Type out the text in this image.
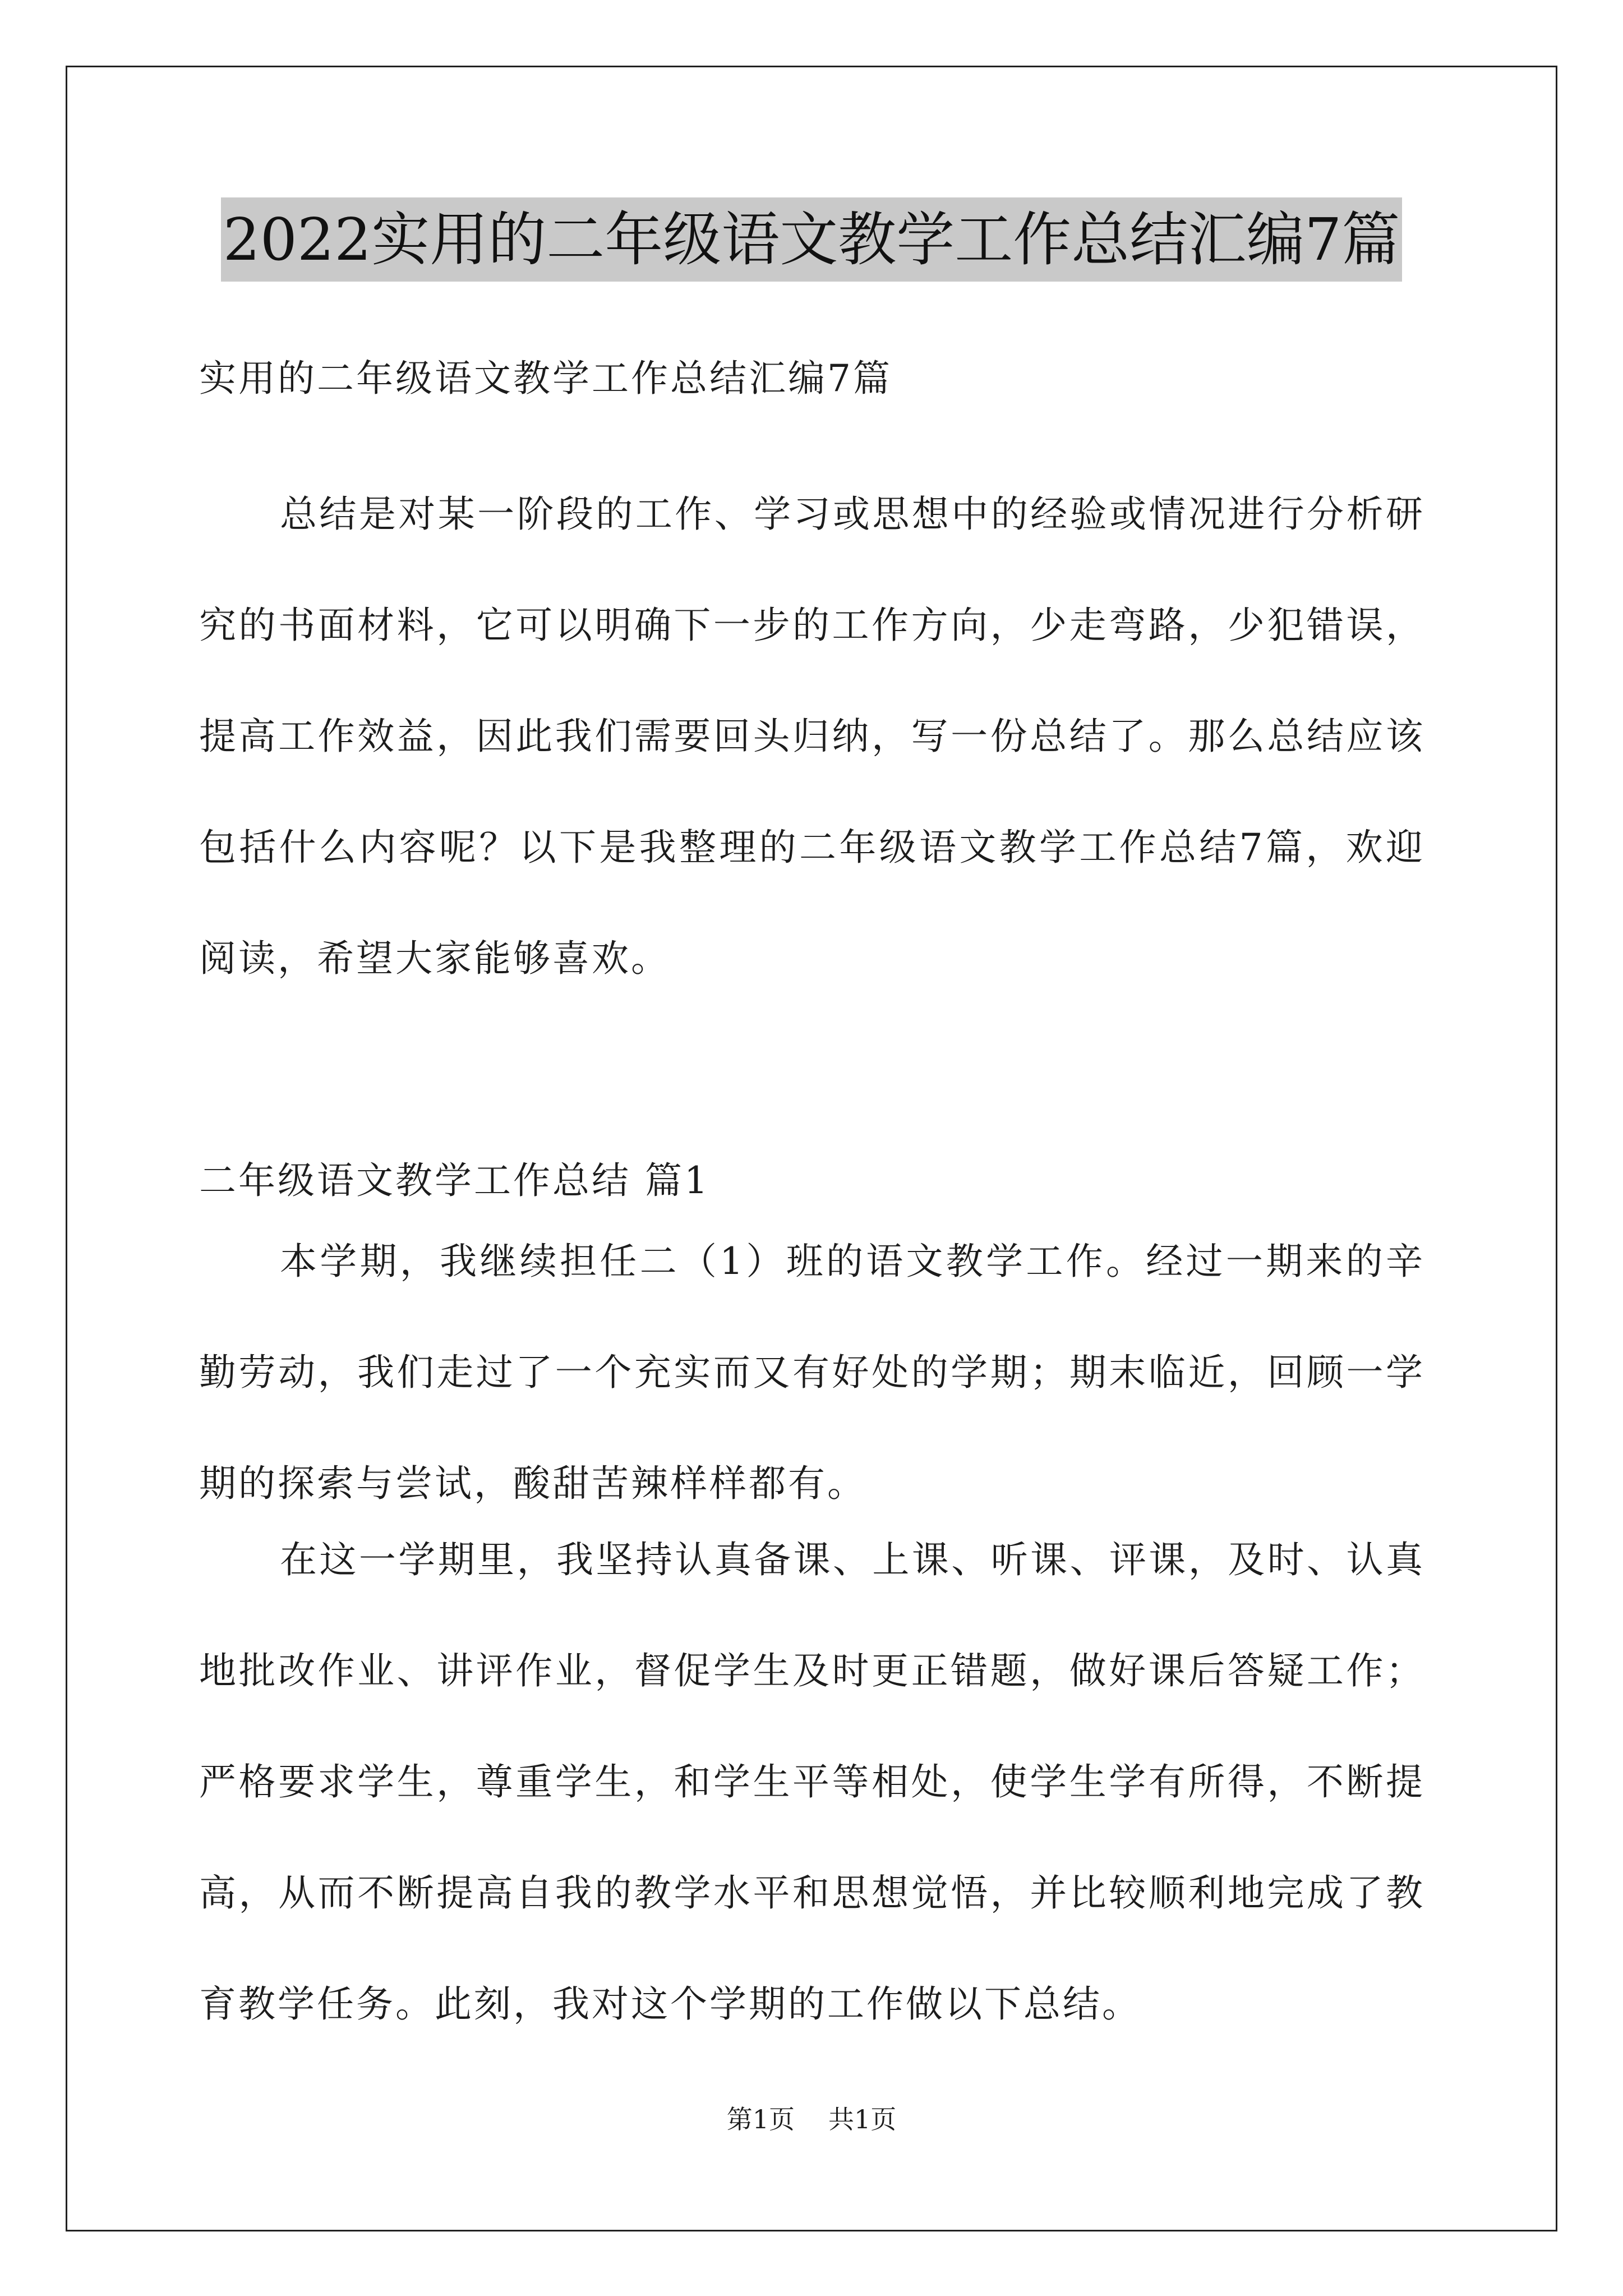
2022实用的二年级语文教学工作总结汇编7篇
实用的二年级语文教学工作总结汇编7篇

总结是对某一阶段的工作、学习或思想中的经验或情况进行分析研究的书面材料，它可以明确下一步的工作方向，少走弯路，少犯错误，提高工作效益，因此我们需要回头归纳，写一份总结了。那么总结应该包括什么内容呢？以下是我整理的二年级语文教学工作总结7篇，欢迎阅读，希望大家能够喜欢。

二年级语文教学工作总结 篇1

本学期，我继续担任二（1）班的语文教学工作。经过一期来的辛勤劳动，我们走过了一个充实而又有好处的学期；期末临近，回顾一学期的探索与尝试，酸甜苦辣样样都有。

在这一学期里，我坚持认真备课、上课、听课、评课，及时、认真地批改作业、讲评作业，督促学生及时更正错题，做好课后答疑工作；严格要求学生，尊重学生，和学生平等相处，使学生学有所得，不断提高，从而不断提高自我的教学水平和思想觉悟，并比较顺利地完成了教育教学任务。此刻，我对这个学期的工作做以下总结。

第1页 共1页
